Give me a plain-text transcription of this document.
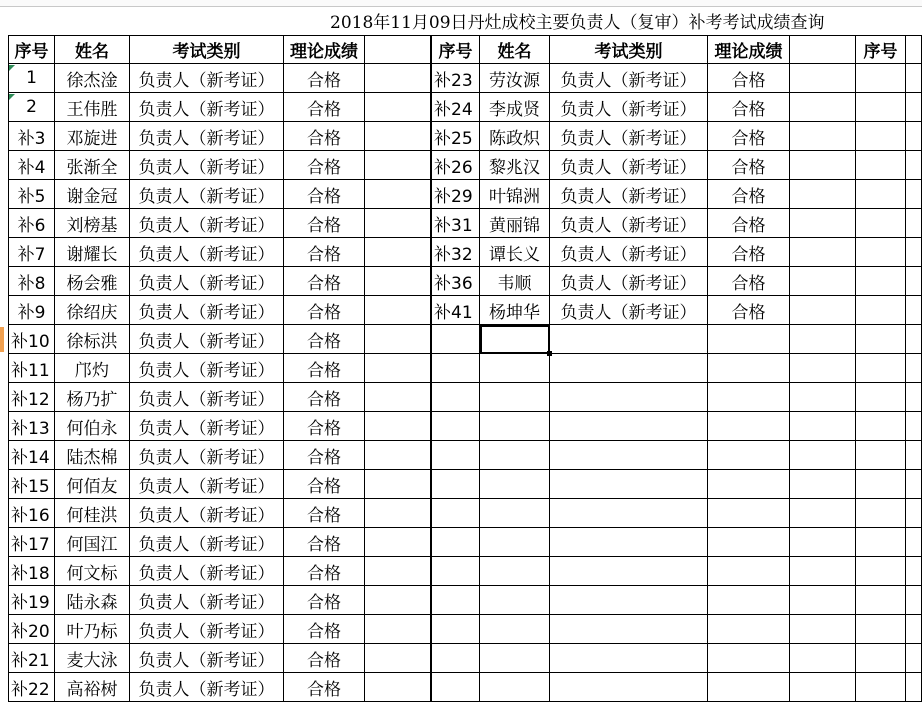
2018年11月09日丹灶成校主要负责人（复审）补考考试成绩查询
序号	姓名	考试类别	理论成绩	序号	姓名	考试类别	理论成绩	序号
1	徐杰淦	负责人（新考证）	合格
2	王伟胜	负责人（新考证）	合格
补3	邓旋进	负责人（新考证）	合格
补4	张渐全	负责人（新考证）	合格
补5	谢金冠	负责人（新考证）	合格
补6	刘榜基	负责人（新考证）	合格
补7	谢耀长	负责人（新考证）	合格
补8	杨会雅	负责人（新考证）	合格
补9	徐绍庆	负责人（新考证）	合格
补10 徐标洪	负责人（新考证）	合格
补11	邝灼	负责人（新考证）	合格
补12 杨乃扩	负责人（新考证）	合格
补13 何伯永	负责人（新考证）	合格
补14 陆杰棉	负责人（新考证）	合格
补15 何佰友	负责人（新考证）	合格
补16 何桂洪	负责人（新考证）	合格
补17 何国江	负责人（新考证）	合格
补18 何文标	负责人（新考证）	合格
补19 陆永森	负责人（新考证）	合格
补20 叶乃标	负责人（新考证）	合格
补21 麦大泳	负责人（新考证）	合格
补22 高裕树	负责人（新考证）	合格
补23 劳汝源	负责人（新考证）	合格
补24 李成贤	负责人（新考证）	合格
补25 陈政炽	负责人（新考证）	合格
补26 黎兆汉	负责人（新考证）	合格
补29 叶锦洲	负责人（新考证）	合格
补31 黄丽锦	负责人（新考证）	合格
补32 谭长义	负责人（新考证）	合格
补36	韦顺	负责人（新考证）	合格
补41 杨坤华	负责人（新考证）	合格
